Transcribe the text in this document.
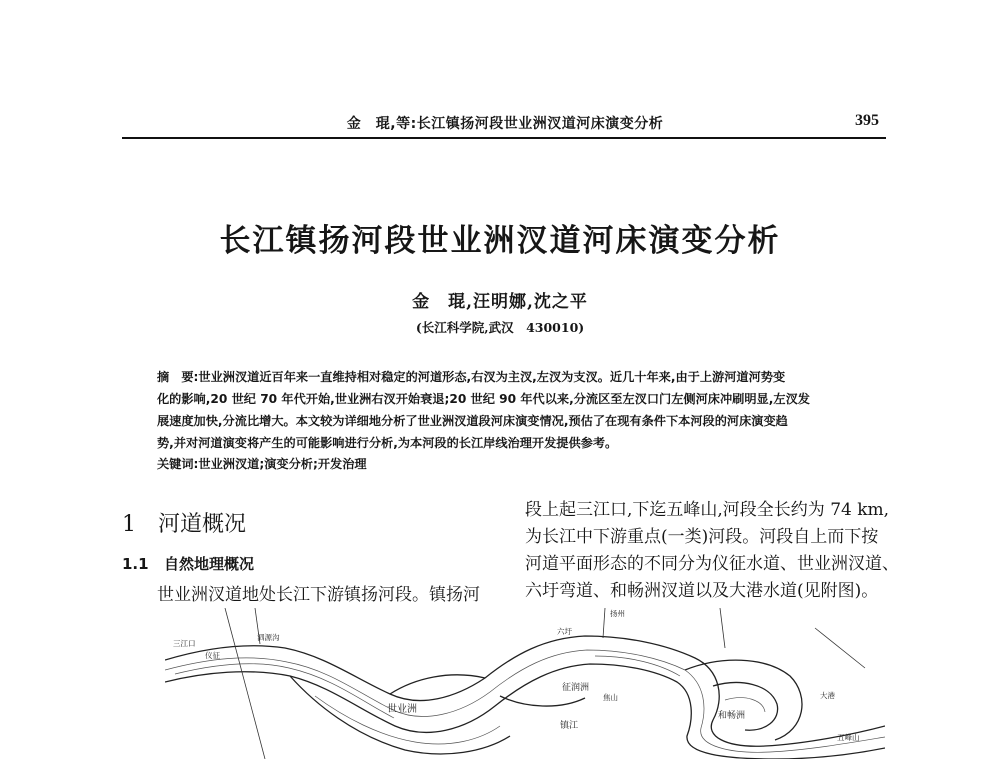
金　琨,等:长江镇扬河段世业洲汊道河床演变分析	395
长江镇扬河段世业洲汊道河床演变分析
金　琨,汪明娜,沈之平
(长江科学院,武汉　430010)
摘　要:世业洲汊道近百年来一直维持相对稳定的河道形态,右汊为主汊,左汊为支汊。近几十年来,由于上游河道河势变
化的影响,20 世纪 70 年代开始,世业洲右汊开始衰退;20 世纪 90 年代以来,分流区至左汊口门左侧河床冲刷明显,左汊发
展速度加快,分流比增大。本文较为详细地分析了世业洲汊道段河床演变情况,预估了在现有条件下本河段的河床演变趋
势,并对河道演变将产生的可能影响进行分析,为本河段的长江岸线治理开发提供参考。
关键词:世业洲汊道;演变分析;开发治理
1 河道概况
1.1 自然地理概况
世业洲汊道地处长江下游镇扬河段。镇扬河
段上起三江口,下迄五峰山,河段全长约为 74 km,
为长江中下游重点(一类)河段。河段自上而下按
河道平面形态的不同分为仪征水道、世业洲汊道、
六圩弯道、和畅洲汊道以及大港水道(见附图)。
三江口
仪征
泗源沟
世业洲
征润洲
六圩
焦山
和畅洲
扬州
镇江
大港
五峰山
